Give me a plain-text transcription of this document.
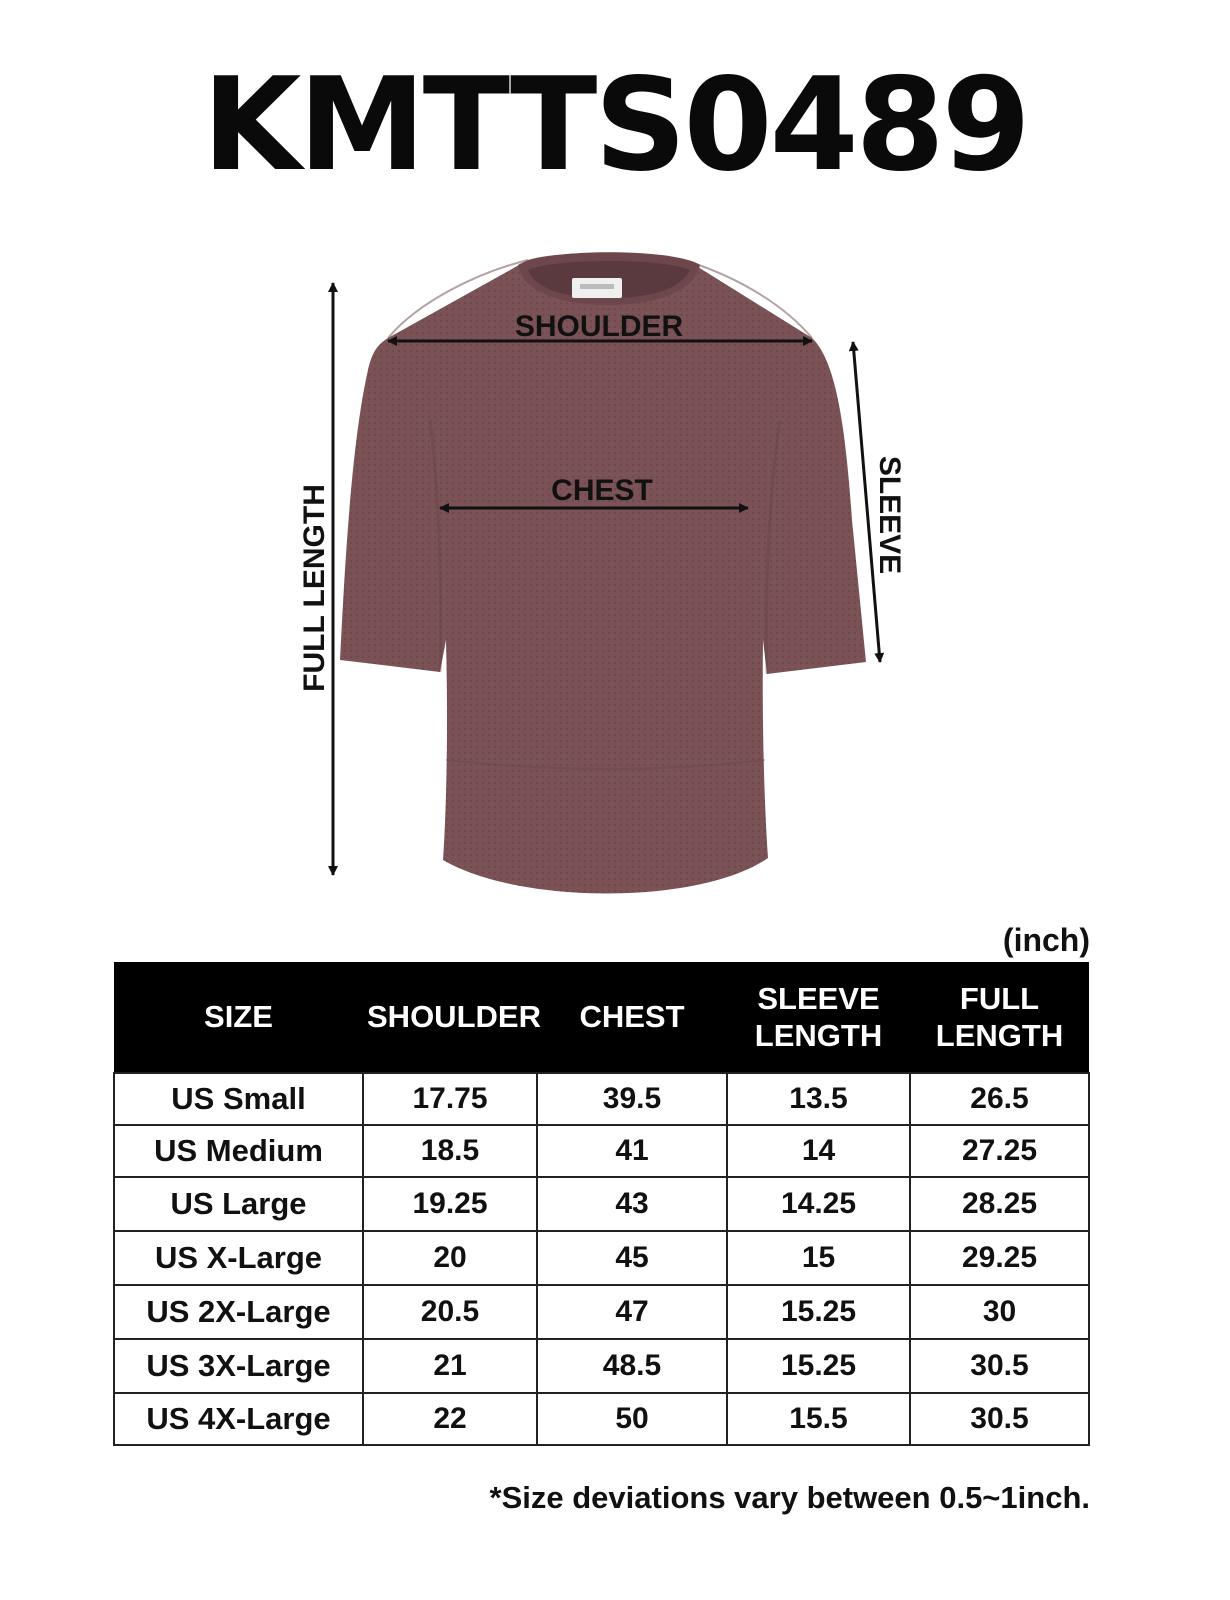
KMTTS0489
FULL LENGTH
SHOULDER
CHEST	SLEEVE
(inch)
SIZE	SHOULDER	CHEST	SLEEVE LENGTH	FULL LENGTH
US Small	17.75	39.5	13.5	26.5
US Medium	18.5	41	14	27.25
US Large	19.25	43	14.25	28.25
US X-Large	20	45	15	29.25
US 2X-Large	20.5	47	15.25	30
US 3X-Large	21	48.5	15.25	30.5
US 4X-Large	22	50	15.5	30.5
*Size deviations vary between 0.5~1inch.
